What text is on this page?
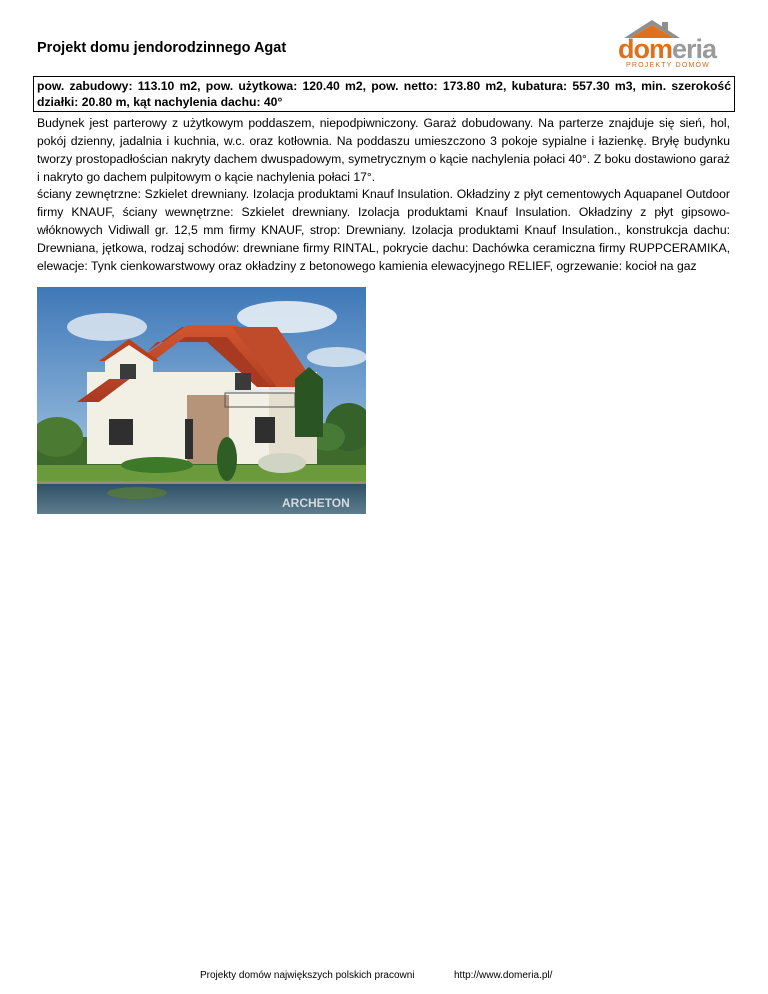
Projekt domu jendorodzinnego Agat	domeria
PROJEKTY DOMÓW
pow. zabudowy: 113.10 m2, pow. użytkowa: 120.40 m2, pow. netto: 173.80 m2, kubatura: 557.30 m3, min. szerokość działki: 20.80 m, kąt nachylenia dachu: 40°

Budynek jest parterowy z użytkowym poddaszem, niepodpiwniczony. Garaż dobudowany. Na parterze znajduje się sień, hol, pokój dzienny, jadalnia i kuchnia, w.c. oraz kotłownia. Na poddaszu umieszczono 3 pokoje sypialne i łazienkę. Bryłę budynku tworzy prostopadłościan nakryty dachem dwuspadowym, symetrycznym o kącie nachylenia połaci 40°. Z boku dostawiono garaż i nakryto go dachem pulpitowym o kącie nachylenia połaci 17°.

ściany zewnętrzne: Szkielet drewniany. Izolacja produktami Knauf Insulation. Okładziny z płyt cementowych Aquapanel Outdoor firmy KNAUF, ściany wewnętrzne: Szkielet drewniany. Izolacja produktami Knauf Insulation. Okładziny z płyt gipsowo-włóknowych Vidiwall gr. 12,5 mm firmy KNAUF, strop: Drewniany. Izolacja produktami Knauf Insulation., konstrukcja dachu: Drewniana, jętkowa, rodzaj schodów: drewniane firmy RINTAL, pokrycie dachu: Dachówka ceramiczna firmy RUPPCERAMIKA, elewacje: Tynk cienkowarstwowy oraz okładziny z betonowego kamienia elewacyjnego RELIEF, ogrzewanie: kocioł na gaz

ARCHETON
Projekty domów największych polskich pracowni	http://www.domeria.pl/
